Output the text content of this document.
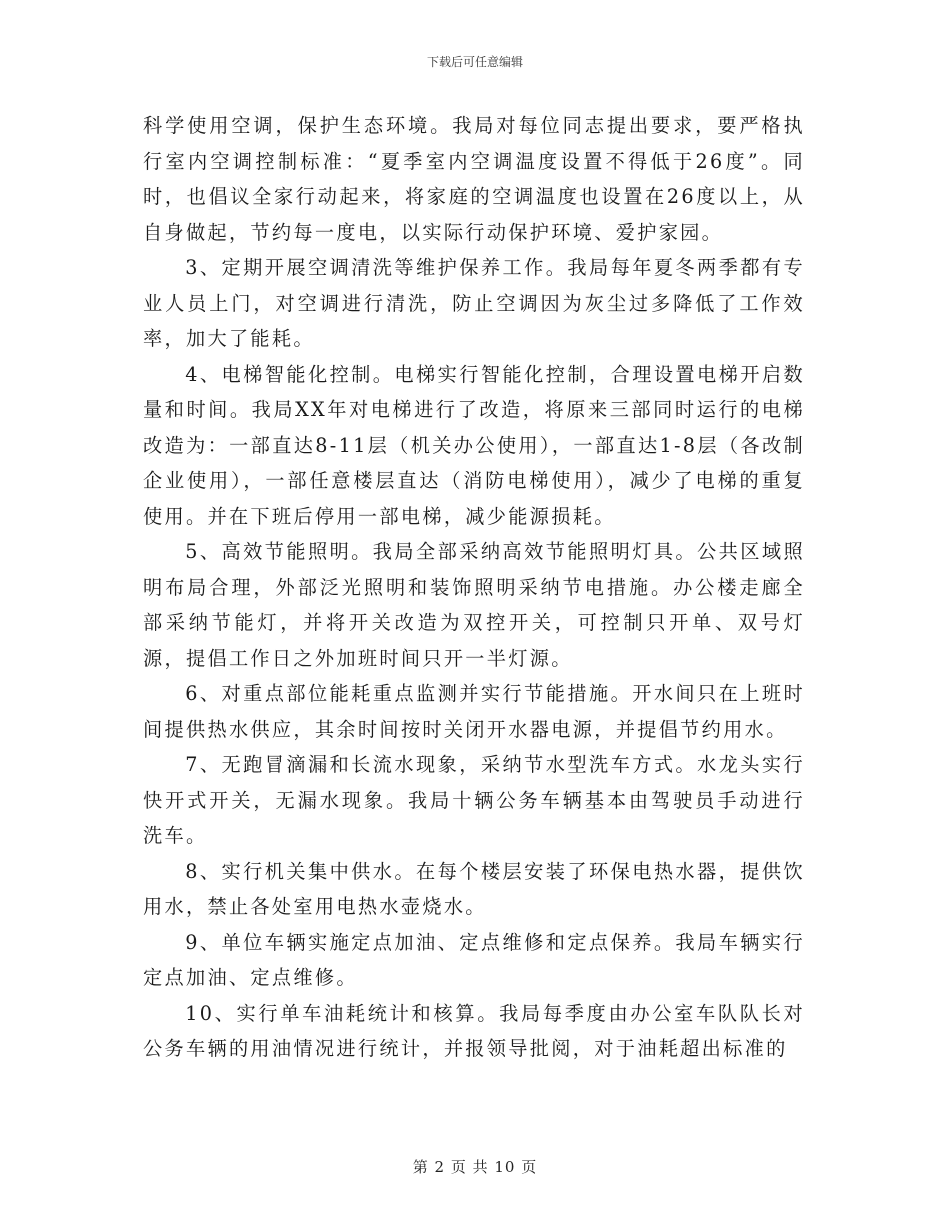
下载后可任意编辑

科学使用空调，保护生态环境。我局对每位同志提出要求，要严格执行室内空调控制标准：“夏季室内空调温度设置不得低于26度”。同时，也倡议全家行动起来，将家庭的空调温度也设置在26度以上，从自身做起，节约每一度电，以实际行动保护环境、爱护家园。

3、定期开展空调清洗等维护保养工作。我局每年夏冬两季都有专业人员上门，对空调进行清洗，防止空调因为灰尘过多降低了工作效率，加大了能耗。

4、电梯智能化控制。电梯实行智能化控制，合理设置电梯开启数量和时间。我局XX年对电梯进行了改造，将原来三部同时运行的电梯改造为：一部直达8-11层（机关办公使用），一部直达1-8层（各改制企业使用），一部任意楼层直达（消防电梯使用），减少了电梯的重复使用。并在下班后停用一部电梯，减少能源损耗。

5、高效节能照明。我局全部采纳高效节能照明灯具。公共区域照明布局合理，外部泛光照明和装饰照明采纳节电措施。办公楼走廊全部采纳节能灯，并将开关改造为双控开关，可控制只开单、双号灯源，提倡工作日之外加班时间只开一半灯源。

6、对重点部位能耗重点监测并实行节能措施。开水间只在上班时间提供热水供应，其余时间按时关闭开水器电源，并提倡节约用水。

7、无跑冒滴漏和长流水现象，采纳节水型洗车方式。水龙头实行快开式开关，无漏水现象。我局十辆公务车辆基本由驾驶员手动进行洗车。

8、实行机关集中供水。在每个楼层安装了环保电热水器，提供饮用水，禁止各处室用电热水壶烧水。

9、单位车辆实施定点加油、定点维修和定点保养。我局车辆实行定点加油、定点维修。

10、实行单车油耗统计和核算。我局每季度由办公室车队队长对公务车辆的用油情况进行统计，并报领导批阅，对于油耗超出标准的

第 2 页 共 10 页
